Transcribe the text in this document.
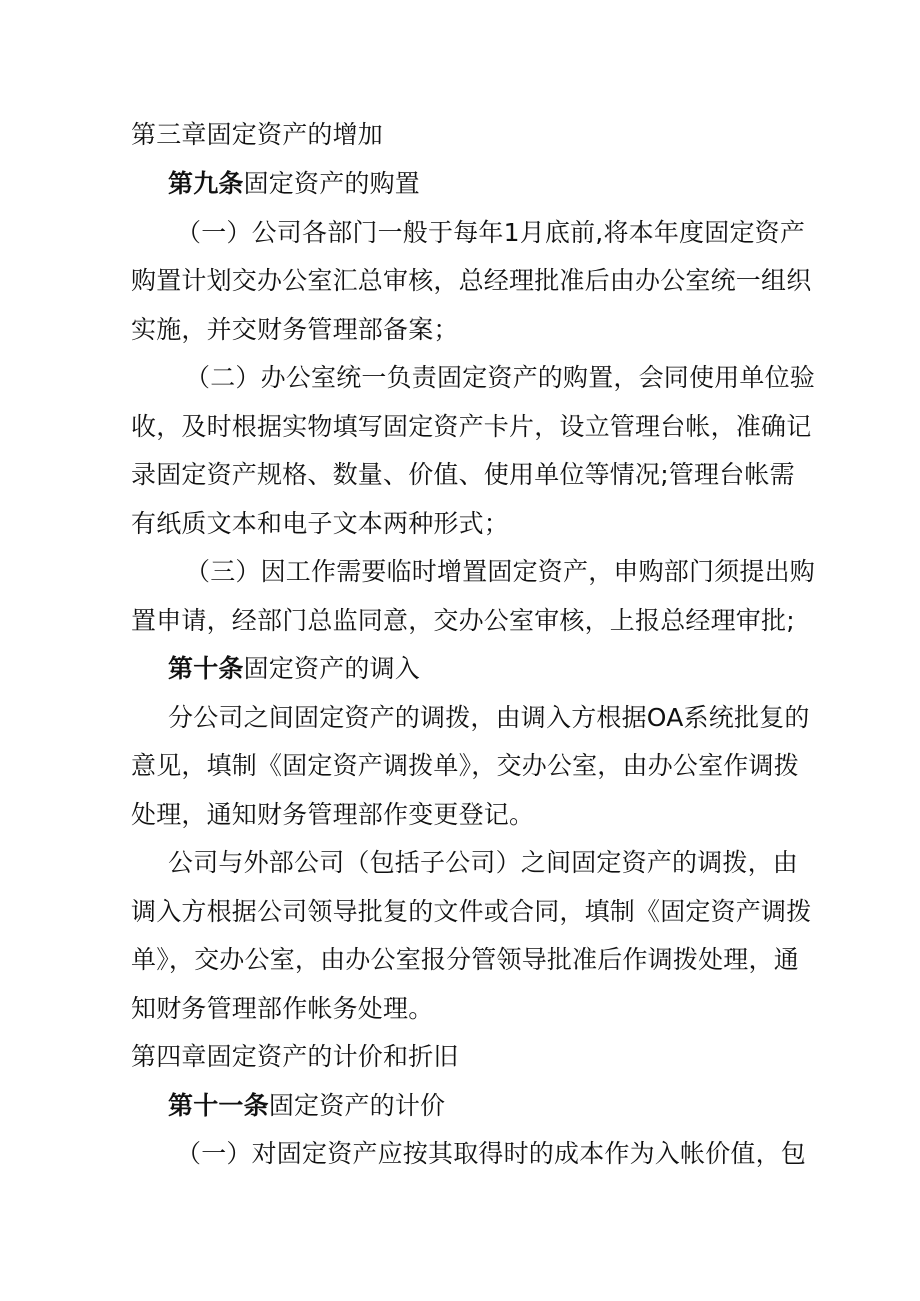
第三章固定资产的增加

第九条固定资产的购置

（一）公司各部门一般于每年1月底前,将本年度固定资产

购置计划交办公室汇总审核，总经理批准后由办公室统一组织

实施，并交财务管理部备案；

（二）办公室统一负责固定资产的购置，会同使用单位验

收，及时根据实物填写固定资产卡片，设立管理台帐，准确记

录固定资产规格、数量、价值、使用单位等情况;管理台帐需

有纸质文本和电子文本两种形式；

（三）因工作需要临时增置固定资产，申购部门须提出购

置申请，经部门总监同意，交办公室审核，上报总经理审批;

第十条固定资产的调入

分公司之间固定资产的调拨，由调入方根据OA系统批复的

意见，填制《固定资产调拨单》，交办公室，由办公室作调拨

处理，通知财务管理部作变更登记。

公司与外部公司（包括子公司）之间固定资产的调拨，由

调入方根据公司领导批复的文件或合同，填制《固定资产调拨

单》，交办公室，由办公室报分管领导批准后作调拨处理，通

知财务管理部作帐务处理。

第四章固定资产的计价和折旧

第十一条固定资产的计价

（一）对固定资产应按其取得时的成本作为入帐价值，包
